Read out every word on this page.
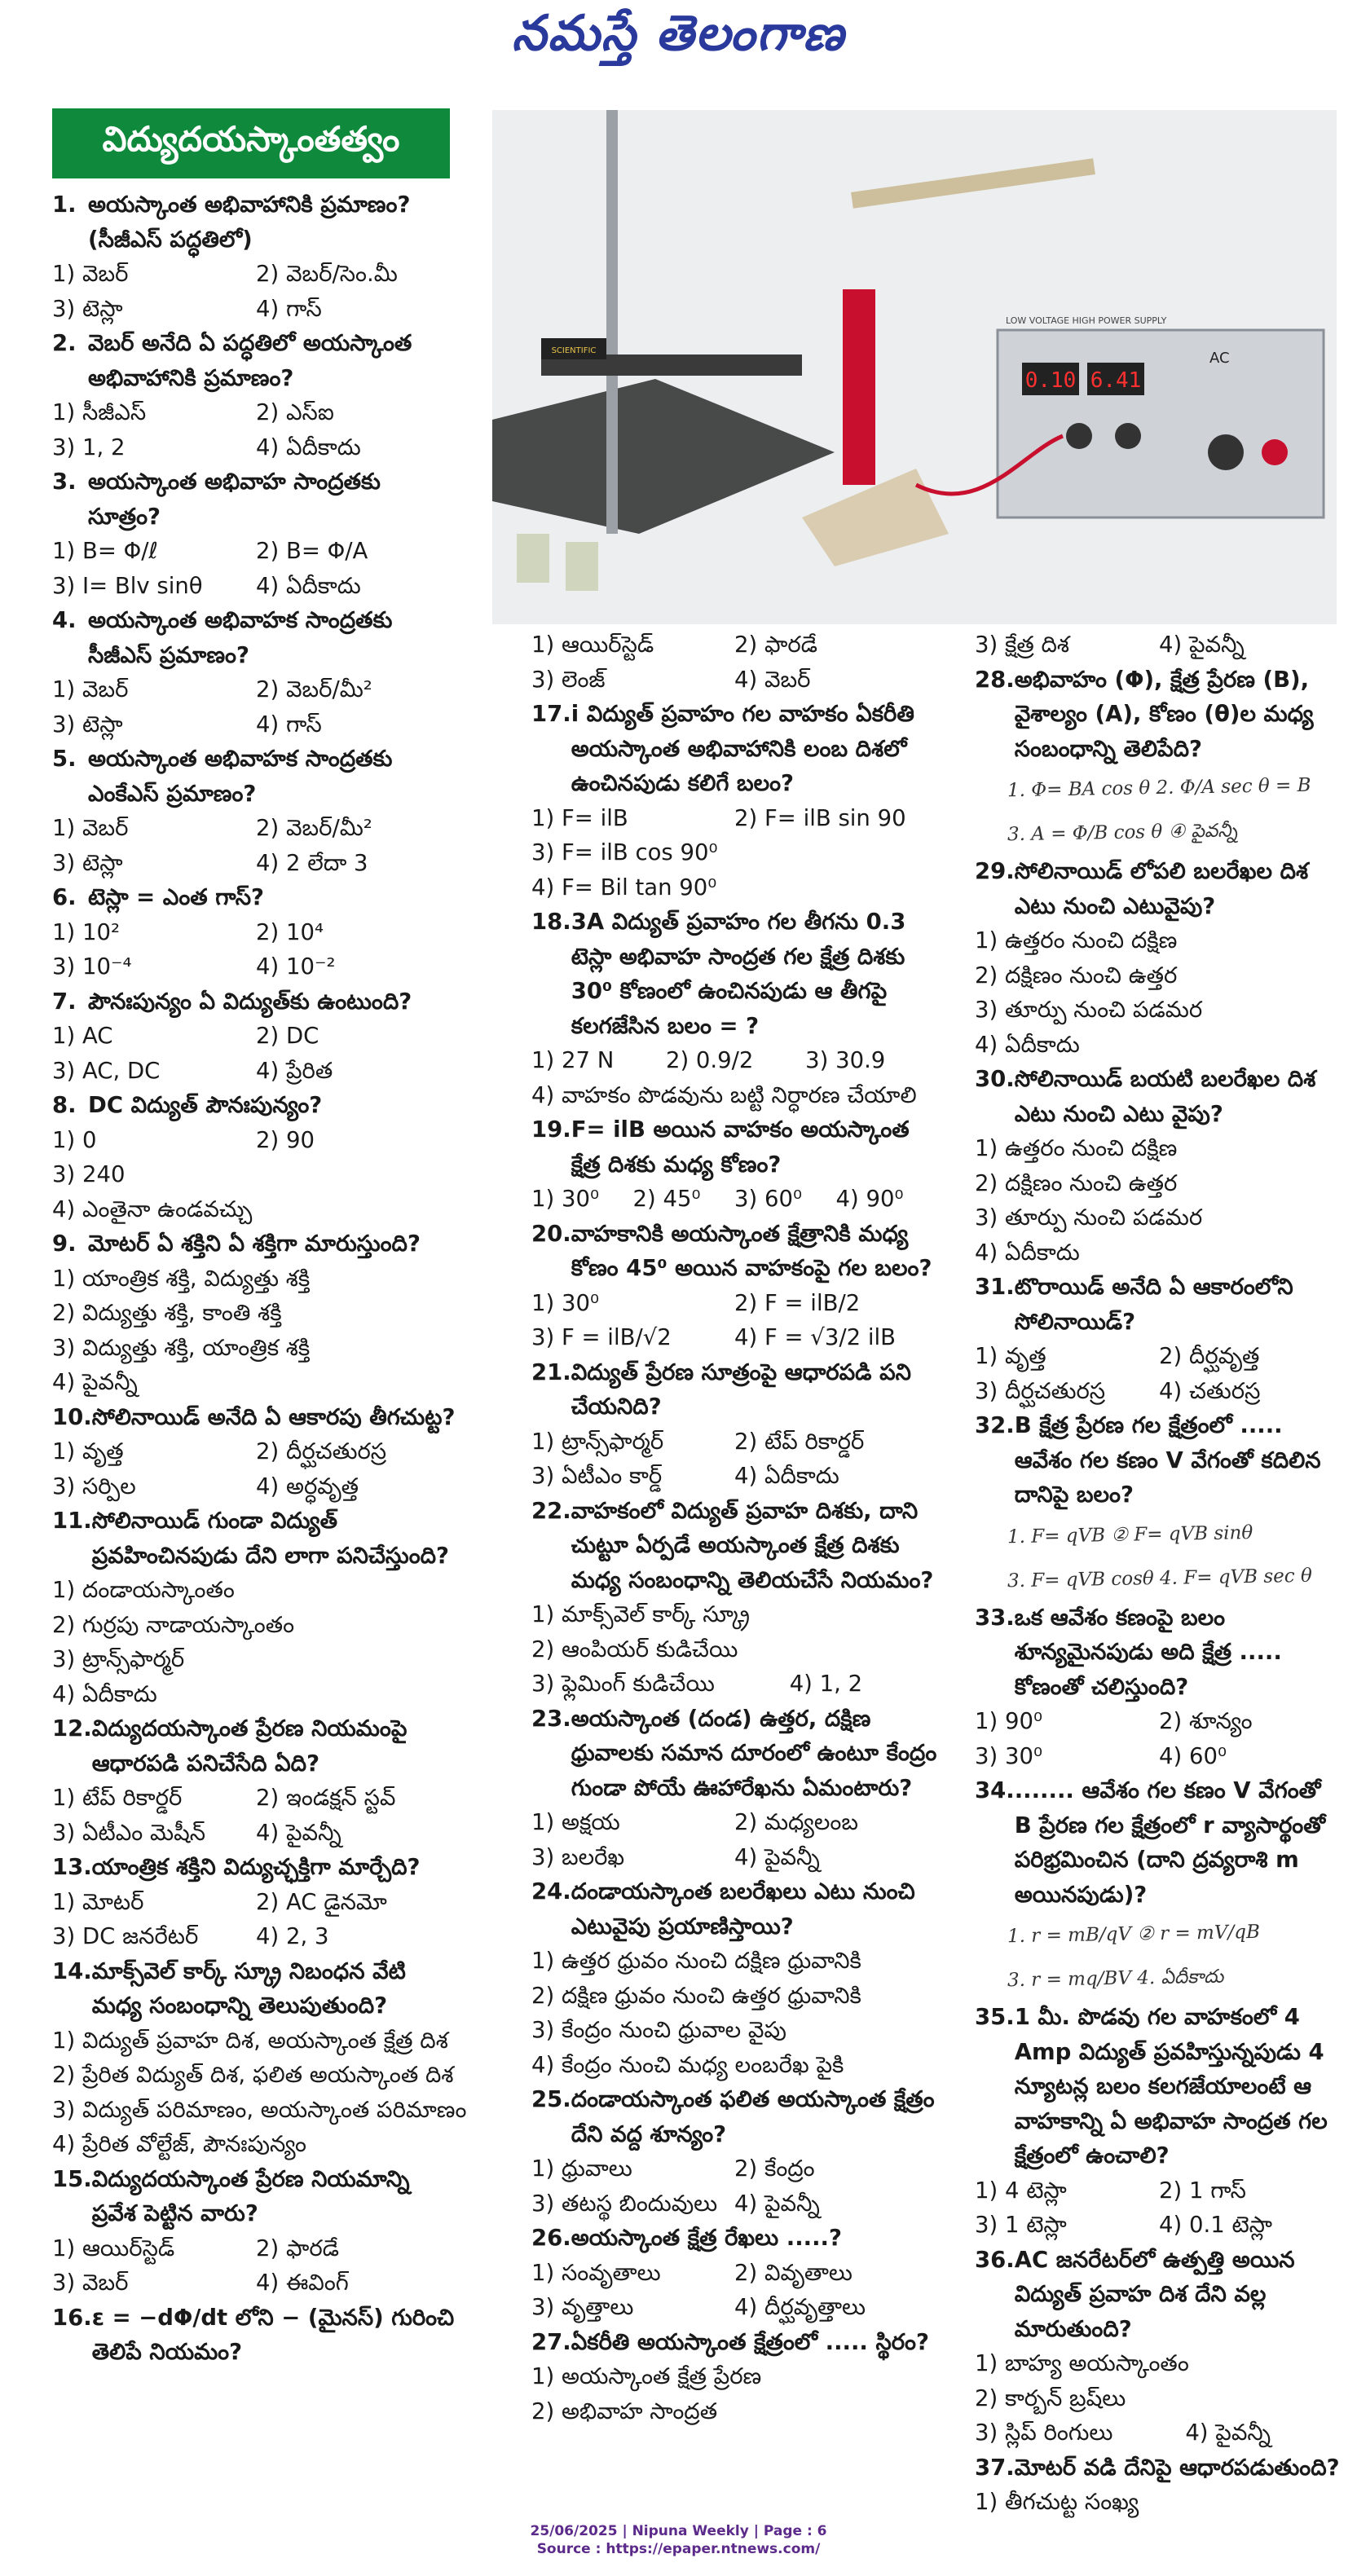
నమస్తే తెలంగాణ
విద్యుదయస్కాంతత్వం
0.10 6.41
AC
LOW VOLTAGE HIGH POWER SUPPLY
SCIENTIFIC
1. అయస్కాంత అభివాహానికి ప్రమాణం? (సీజీఎస్ పద్ధతిలో)
1) వెబర్	2) వెబర్/సెం.మీ
3) టెస్లా	4) గాస్
2. వెబర్ అనేది ఏ పద్ధతిలో అయస్కాంత అభివాహానికి ప్రమాణం?
1) సీజీఎస్	2) ఎస్ఐ
3) 1, 2	4) ఏదీకాదు
3. అయస్కాంత అభివాహ సాంద్రతకు సూత్రం?
1) B= Φ/ℓ	2) B= Φ/A
3) I= Blv sinθ	4) ఏదీకాదు
4. అయస్కాంత అభివాహక సాంద్రతకు సీజీఎస్ ప్రమాణం?
1) వెబర్	2) వెబర్/మీ²
3) టెస్లా	4) గాస్
5. అయస్కాంత అభివాహక సాంద్రతకు ఎంకేఎస్ ప్రమాణం?
1) వెబర్	2) వెబర్/మీ²
3) టెస్లా	4) 2 లేదా 3
6. టెస్లా = ఎంత గాస్?
1) 10²	2) 10⁴
3) 10⁻⁴	4) 10⁻²
7. పౌనఃపున్యం ఏ విద్యుత్‌కు ఉంటుంది?
1) AC	2) DC
3) AC, DC	4) ప్రేరిత
8. DC విద్యుత్ పౌనఃపున్యం?
1) 0	2) 90
3) 240
4) ఎంతైనా ఉండవచ్చు
9. మోటర్ ఏ శక్తిని ఏ శక్తిగా మారుస్తుంది?
1) యాంత్రిక శక్తి, విద్యుత్తు శక్తి
2) విద్యుత్తు శక్తి, కాంతి శక్తి
3) విద్యుత్తు శక్తి, యాంత్రిక శక్తి
4) పైవన్నీ
10. సోలినాయిడ్ అనేది ఏ ఆకారపు తీగచుట్ట?
1) వృత్త	2) దీర్ఘచతురస్ర
3) సర్పిల	4) అర్ధవృత్త
11. సోలినాయిడ్ గుండా విద్యుత్ ప్రవహించినపుడు దేని లాగా పనిచేస్తుంది?
1) దండాయస్కాంతం
2) గుర్రపు నాడాయస్కాంతం
3) ట్రాన్స్‌ఫార్మర్
4) ఏదీకాదు
12. విద్యుదయస్కాంత ప్రేరణ నియమంపై ఆధారపడి పనిచేసేది ఏది?
1) టేప్ రికార్డర్	2) ఇండక్షన్ స్టవ్
3) ఏటీఎం మెషీన్	4) పైవన్నీ
13. యాంత్రిక శక్తిని విద్యుచ్ఛక్తిగా మార్చేది?
1) మోటర్	2) AC డైనమో
3) DC జనరేటర్	4) 2, 3
14. మాక్స్‌వెల్ కార్క్ స్క్రూ నిబంధన వేటి మధ్య సంబంధాన్ని తెలుపుతుంది?
1) విద్యుత్ ప్రవాహ దిశ, అయస్కాంత క్షేత్ర దిశ
2) ప్రేరిత విద్యుత్ దిశ, ఫలిత అయస్కాంత దిశ
3) విద్యుత్ పరిమాణం, అయస్కాంత పరిమాణం
4) ప్రేరిత వోల్టేజ్, పౌనఃపున్యం
15. విద్యుదయస్కాంత ప్రేరణ నియమాన్ని ప్రవేశ పెట్టిన వారు?
1) ఆయిర్‌స్టెడ్	2) ఫారడే
3) వెబర్	4) ఈవింగ్
16. ε = −dΦ/dt లోని − (మైనస్) గురించి తెలిపే నియమం?
1) ఆయిర్‌స్టెడ్	2) ఫారడే
3) లెంజ్	4) వెబర్
17. i విద్యుత్ ప్రవాహం గల వాహకం ఏకరీతి అయస్కాంత అభివాహానికి లంబ దిశలో ఉంచినపుడు కలిగే బలం?
1) F= ilB	2) F= ilB sin 90
3) F= ilB cos 90⁰
4) F= Bil tan 90⁰
18. 3A విద్యుత్ ప్రవాహం గల తీగను 0.3 టెస్లా అభివాహ సాంద్రత గల క్షేత్ర దిశకు 30⁰ కోణంలో ఉంచినపుడు ఆ తీగపై కలగజేసిన బలం = ?
1) 27 N	2) 0.9/2	3) 30.9
4) వాహకం పొడవును బట్టి నిర్ధారణ చేయాలి
19. F= ilB అయిన వాహకం అయస్కాంత క్షేత్ర దిశకు మధ్య కోణం?
1) 30⁰	2) 45⁰	3) 60⁰	4) 90⁰
20. వాహకానికి అయస్కాంత క్షేత్రానికి మధ్య కోణం 45⁰ అయిన వాహకంపై గల బలం?
1) 30⁰	2) F = ilB/2
3) F = ilB/√2	4) F = √3/2 ilB
21. విద్యుత్ ప్రేరణ సూత్రంపై ఆధారపడి పని చేయనిది?
1) ట్రాన్స్‌ఫార్మర్	2) టేప్ రికార్డర్
3) ఏటీఎం కార్డ్	4) ఏదీకాదు
22. వాహకంలో విద్యుత్ ప్రవాహ దిశకు, దాని చుట్టూ ఏర్పడే అయస్కాంత క్షేత్ర దిశకు మధ్య సంబంధాన్ని తెలియచేసే నియమం?
1) మాక్స్‌వెల్ కార్క్ స్క్రూ
2) ఆంపియర్ కుడిచేయి
3) ఫ్లెమింగ్ కుడిచేయి	4) 1, 2
23. అయస్కాంత (దండ) ఉత్తర, దక్షిణ ధ్రువాలకు సమాన దూరంలో ఉంటూ కేంద్రం గుండా పోయే ఊహారేఖను ఏమంటారు?
1) అక్షయ	2) మధ్యలంబ
3) బలరేఖ	4) పైవన్నీ
24. దండాయస్కాంత బలరేఖలు ఎటు నుంచి ఎటువైపు ప్రయాణిస్తాయి?
1) ఉత్తర ధ్రువం నుంచి దక్షిణ ధ్రువానికి
2) దక్షిణ ధ్రువం నుంచి ఉత్తర ధ్రువానికి
3) కేంద్రం నుంచి ధ్రువాల వైపు
4) కేంద్రం నుంచి మధ్య లంబరేఖ పైకి
25. దండాయస్కాంత ఫలిత అయస్కాంత క్షేత్రం దేని వద్ద శూన్యం?
1) ధ్రువాలు	2) కేంద్రం
3) తటస్థ బిందువులు 4) పైవన్నీ
26. అయస్కాంత క్షేత్ర రేఖలు .....?
1) సంవృతాలు	2) వివృతాలు
3) వృత్తాలు	4) దీర్ఘవృత్తాలు
27. ఏకరీతి అయస్కాంత క్షేత్రంలో ..... స్థిరం?
1) అయస్కాంత క్షేత్ర ప్రేరణ
2) అభివాహ సాంద్రత
3) క్షేత్ర దిశ	4) పైవన్నీ
28. అభివాహం (Φ), క్షేత్ర ప్రేరణ (B), వైశాల్యం (A), కోణం (θ)ల మధ్య సంబంధాన్ని తెలిపేది?
1. Φ= BA cos θ 2. Φ/A sec θ = B
3. A = Φ/B cos θ ④ పైవన్నీ
29. సోలినాయిడ్ లోపలి బలరేఖల దిశ ఎటు నుంచి ఎటువైపు?
1) ఉత్తరం నుంచి దక్షిణ
2) దక్షిణం నుంచి ఉత్తర
3) తూర్పు నుంచి పడమర
4) ఏదీకాదు
30. సోలినాయిడ్ బయటి బలరేఖల దిశ ఎటు నుంచి ఎటు వైపు?
1) ఉత్తరం నుంచి దక్షిణ
2) దక్షిణం నుంచి ఉత్తర
3) తూర్పు నుంచి పడమర
4) ఏదీకాదు
31. టొరాయిడ్ అనేది ఏ ఆకారంలోని సోలినాయిడ్?
1) వృత్త	2) దీర్ఘవృత్త
3) దీర్ఘచతురస్ర	4) చతురస్ర
32. B క్షేత్ర ప్రేరణ గల క్షేత్రంలో ..... ఆవేశం గల కణం V వేగంతో కదిలిన దానిపై బలం?
1. F= qVB ② F= qVB sinθ
3. F= qVB cosθ 4. F= qVB sec θ
33. ఒక ఆవేశం కణంపై బలం శూన్యమైనపుడు అది క్షేత్ర ..... కోణంతో చలిస్తుంది?
1) 90⁰	2) శూన్యం
3) 30⁰	4) 60⁰
34. ....... ఆవేశం గల కణం V వేగంతో B ప్రేరణ గల క్షేత్రంలో r వ్యాసార్థంతో పరిభ్రమించిన (దాని ద్రవ్యరాశి m అయినపుడు)?
1. r = mB/qV ② r = mV/qB
3. r = mq/BV 4. ఏదీకాదు
35. 1 మీ. పొడవు గల వాహకంలో 4 Amp విద్యుత్ ప్రవహిస్తున్నపుడు 4 న్యూటన్ల బలం కలగజేయాలంటే ఆ వాహకాన్ని ఏ అభివాహ సాంద్రత గల క్షేత్రంలో ఉంచాలి?
1) 4 టెస్లా	2) 1 గాస్
3) 1 టెస్లా	4) 0.1 టెస్లా
36. AC జనరేటర్‌లో ఉత్పత్తి అయిన విద్యుత్ ప్రవాహ దిశ దేని వల్ల మారుతుంది?
1) బాహ్య అయస్కాంతం
2) కార్బన్ బ్రష్‌లు
3) స్లిప్ రింగులు	4) పైవన్నీ
37. మోటర్ వడి దేనిపై ఆధారపడుతుంది?
1) తీగచుట్ట సంఖ్య
25/06/2025 | Nipuna Weekly | Page : 6
Source : https://epaper.ntnews.com/
